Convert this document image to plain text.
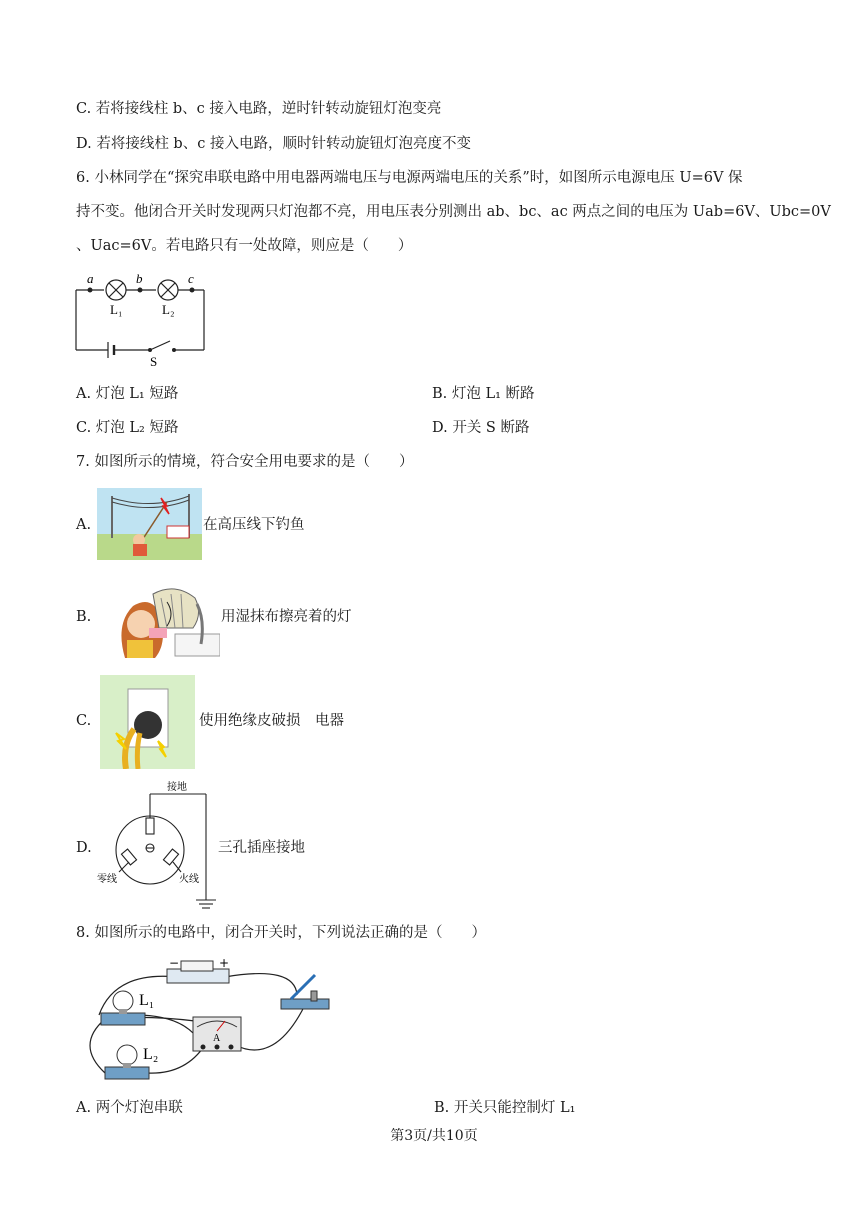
C. 若将接线柱 b、c 接入电路，逆时针转动旋钮灯泡变亮
D. 若将接线柱 b、c 接入电路，顺时针转动旋钮灯泡亮度不变
6. 小林同学在“探究串联电路中用电器两端电压与电源两端电压的关系”时，如图所示电源电压 U=6V 保
持不变。他闭合开关时发现两只灯泡都不亮，用电压表分别测出 ab、bc、ac 两点之间的电压为 Uab=6V、Ubc=0V
、Uac=6V。若电路只有一处故障，则应是（　　）
a	b	c
L₁	L₂
S
A. 灯泡 L₁ 短路	B. 灯泡 L₁ 断路
C. 灯泡 L₂ 短路	D. 开关 S 断路
7. 如图所示的情境，符合安全用电要求的是（　　）
A.	在高压线下钓鱼
B.	用湿抹布擦亮着的灯
C.	使用绝缘皮破损　电器
D.
接地
零线	火线
三孔插座接地
8. 如图所示的电路中，闭合开关时，下列说法正确的是（　　）
−	+
L₁
L₂
A
A. 两个灯泡串联	B. 开关只能控制灯 L₁
第3页/共10页
